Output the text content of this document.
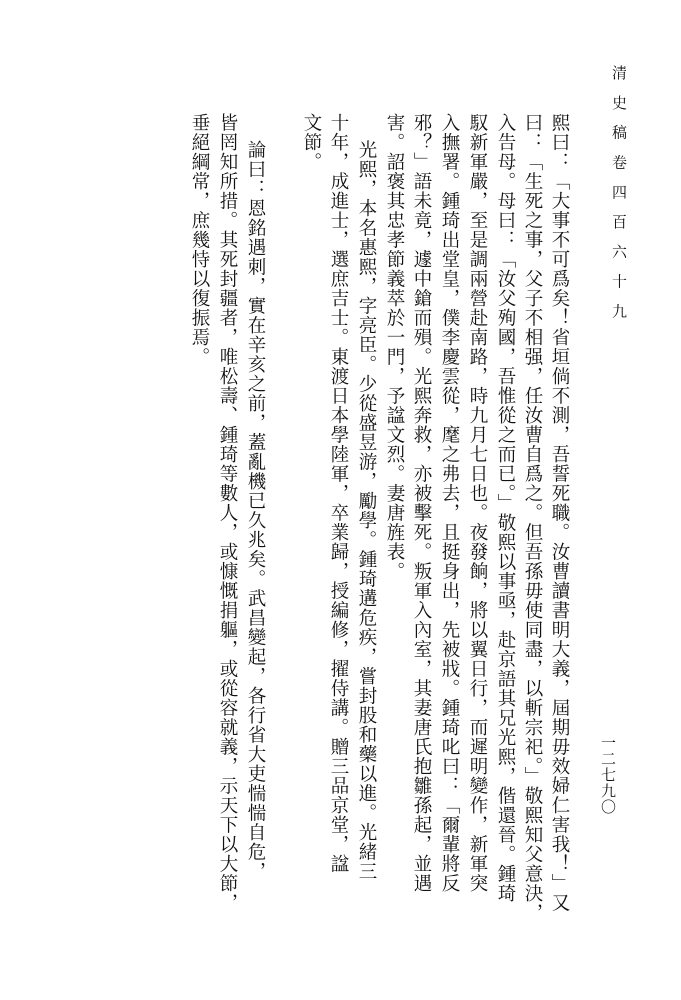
清 史 稿 卷 四 百 六 十 九
一二七九〇
熙曰：「大事不可爲矣！省垣倘不測，吾誓死職。汝曹讀書明大義，屆期毋效婦仁害我！」又
曰：「生死之事，父子不相强，任汝曹自爲之。但吾孫毋使同盡，以斬宗祀。」敬熙知父意決，
入告母。母曰：「汝父殉國，吾惟從之而已。」敬熙以事亟，赴京語其兄光熙，偕還晉。鍾琦
馭新軍嚴，至是調兩營赴南路，時九月七日也。夜發餉，將以翼日行，而遲明變作，新軍突
入撫署。鍾琦出堂皇，僕李慶雲從，麾之弗去，且挺身出，先被戕。鍾琦叱曰：「爾輩將反
邪？」語未竟，遽中鎗而殞。光熙奔救，亦被擊死。叛軍入內室，其妻唐氏抱雛孫起，並遇
害。詔褒其忠孝節義萃於一門，予諡文烈。妻唐旌表。
光熙，本名惠熙，字亮臣。少從盛昱游，勵學。鍾琦遘危疾，嘗封股和藥以進。光緒三
十年，成進士，選庶吉士。東渡日本學陸軍，卒業歸，授編修，擢侍講。贈三品京堂，諡
文節。
論曰：恩銘遇刺，實在辛亥之前，蓋亂機已久兆矣。武昌變起，各行省大吏惴惴自危，
皆罔知所措。其死封疆者，唯松壽、鍾琦等數人，或慷慨捐軀，或從容就義，示天下以大節，
垂絕綱常，庶幾恃以復振焉。
